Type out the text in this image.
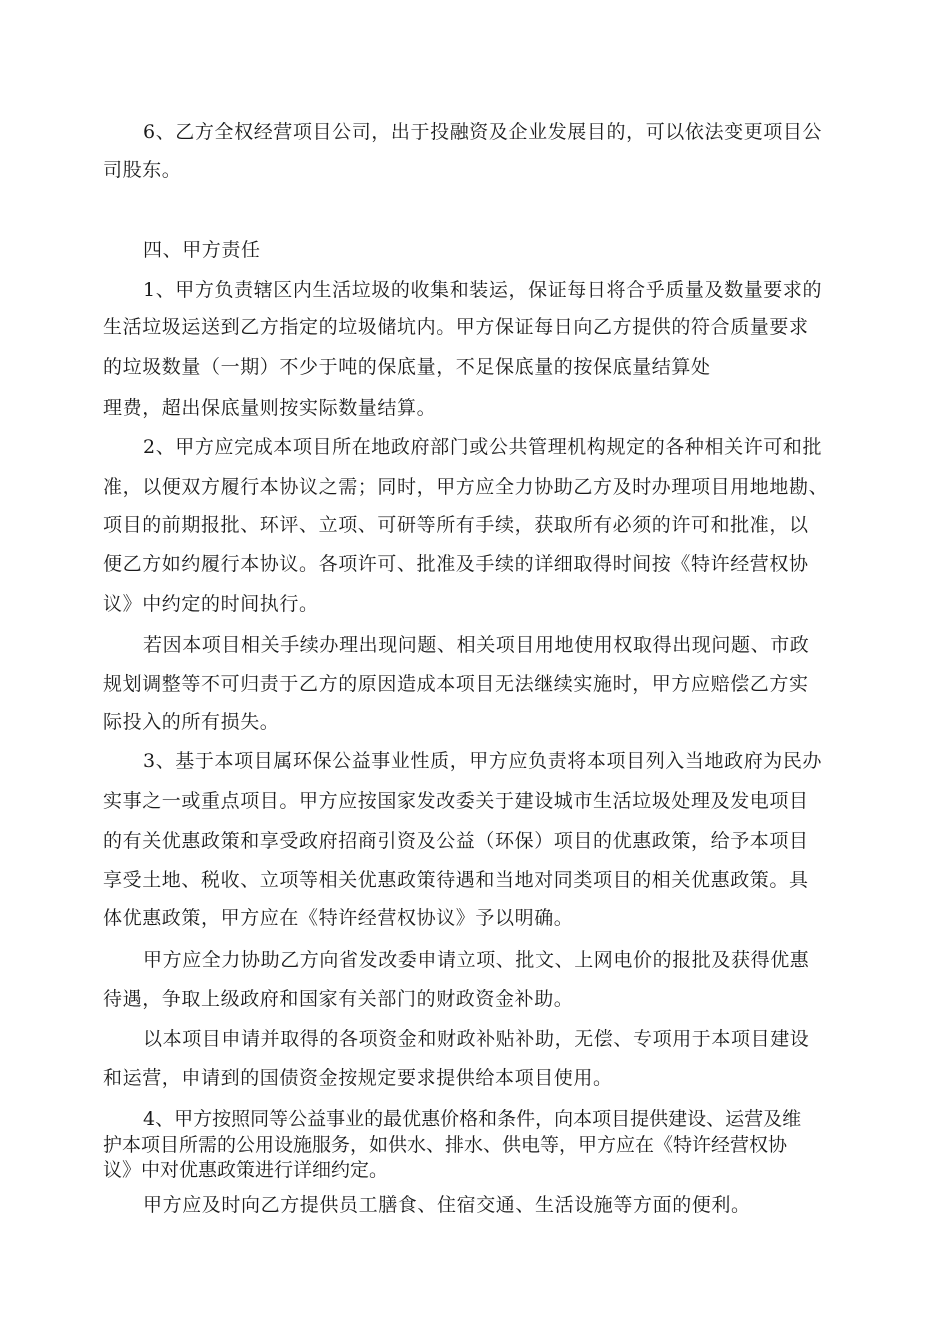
6、乙方全权经营项目公司，出于投融资及企业发展目的，可以依法变更项目公
司股东。
四、甲方责任
1、甲方负责辖区内生活垃圾的收集和装运，保证每日将合乎质量及数量要求的
生活垃圾运送到乙方指定的垃圾储坑内。甲方保证每日向乙方提供的符合质量要求
的垃圾数量（一期）不少于吨的保底量，不足保底量的按保底量结算处
理费，超出保底量则按实际数量结算。
2、甲方应完成本项目所在地政府部门或公共管理机构规定的各种相关许可和批
准，以便双方履行本协议之需；同时，甲方应全力协助乙方及时办理项目用地地勘、
项目的前期报批、环评、立项、可研等所有手续，获取所有必须的许可和批准，以
便乙方如约履行本协议。各项许可、批准及手续的详细取得时间按《特许经营权协
议》中约定的时间执行。
若因本项目相关手续办理出现问题、相关项目用地使用权取得出现问题、市政
规划调整等不可归责于乙方的原因造成本项目无法继续实施时，甲方应赔偿乙方实
际投入的所有损失。
3、基于本项目属环保公益事业性质，甲方应负责将本项目列入当地政府为民办
实事之一或重点项目。甲方应按国家发改委关于建设城市生活垃圾处理及发电项目
的有关优惠政策和享受政府招商引资及公益（环保）项目的优惠政策，给予本项目
享受土地、税收、立项等相关优惠政策待遇和当地对同类项目的相关优惠政策。具
体优惠政策，甲方应在《特许经营权协议》予以明确。
甲方应全力协助乙方向省发改委申请立项、批文、上网电价的报批及获得优惠
待遇，争取上级政府和国家有关部门的财政资金补助。
以本项目申请并取得的各项资金和财政补贴补助，无偿、专项用于本项目建设
和运营，申请到的国债资金按规定要求提供给本项目使用。
4、甲方按照同等公益事业的最优惠价格和条件，向本项目提供建设、运营及维
护本项目所需的公用设施服务，如供水、排水、供电等，甲方应在《特许经营权协
议》中对优惠政策进行详细约定。
甲方应及时向乙方提供员工膳食、住宿交通、生活设施等方面的便利。
